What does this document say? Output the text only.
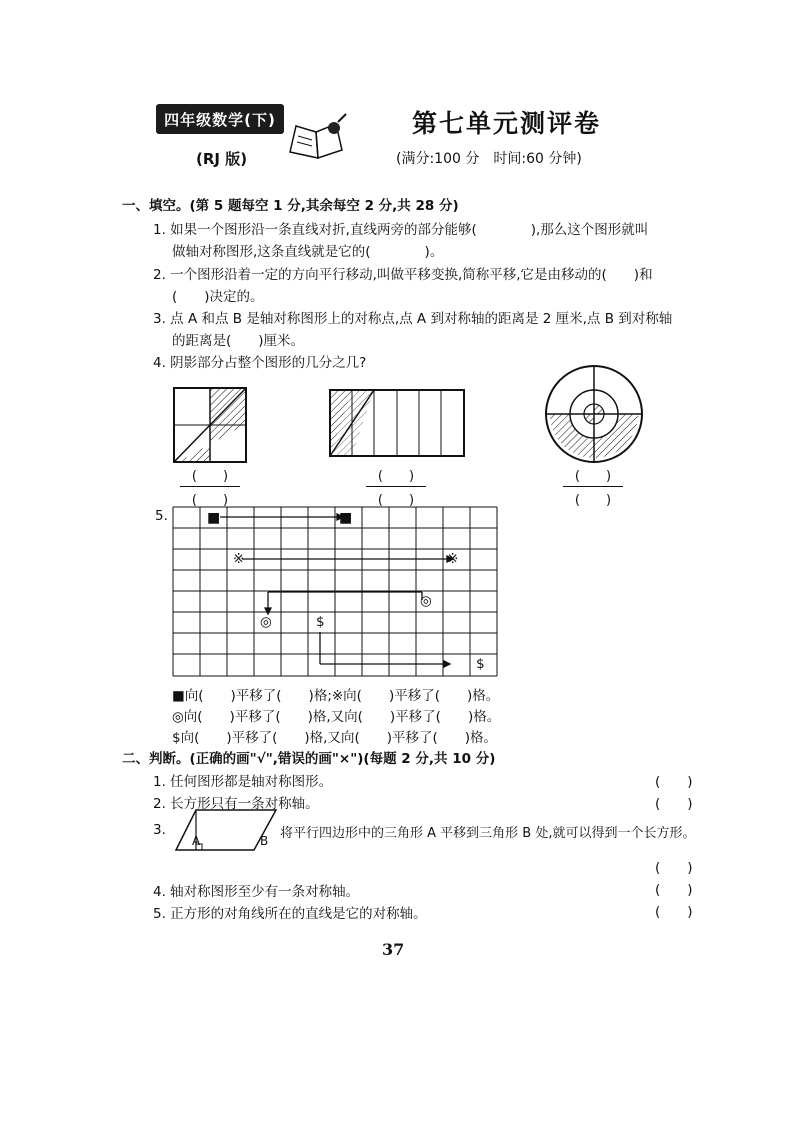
四年级数学(下)
(RJ 版)
第七单元测评卷
(满分:100 分　时间:60 分钟)
一、填空。(第 5 题每空 1 分,其余每空 2 分,共 28 分)
1. 如果一个图形沿一条直线对折,直线两旁的部分能够(　　　　),那么这个图形就叫
做轴对称图形,这条直线就是它的(　　　　)。
2. 一个图形沿着一定的方向平行移动,叫做平移变换,简称平移,它是由移动的(　　)和
(　　)决定的。
3. 点 A 和点 B 是轴对称图形上的对称点,点 A 到对称轴的距离是 2 厘米,点 B 到对称轴
的距离是(　　)厘米。
4. 阴影部分占整个图形的几分之几?
(　　)
(　　)
(　　)
(　　)
(　　)
(　　)
5.	■	■
※	※
◎
◎	$
$
■向(　　)平移了(　　)格;※向(　　)平移了(　　)格。
◎向(　　)平移了(　　)格,又向(　　)平移了(　　)格。
$向(　　)平移了(　　)格,又向(　　)平移了(　　)格。
二、判断。(正确的画"√",错误的画"×")(每题 2 分,共 10 分)
1. 任何图形都是轴对称图形。	(　　)
2. 长方形只有一条对称轴。	(　　)
3.
A	B 将平行四边形中的三角形 A 平移到三角形 B 处,就可以得到一个长方形。
(　　)
4. 轴对称图形至少有一条对称轴。	(　　)
5. 正方形的对角线所在的直线是它的对称轴。	(　　)
37
